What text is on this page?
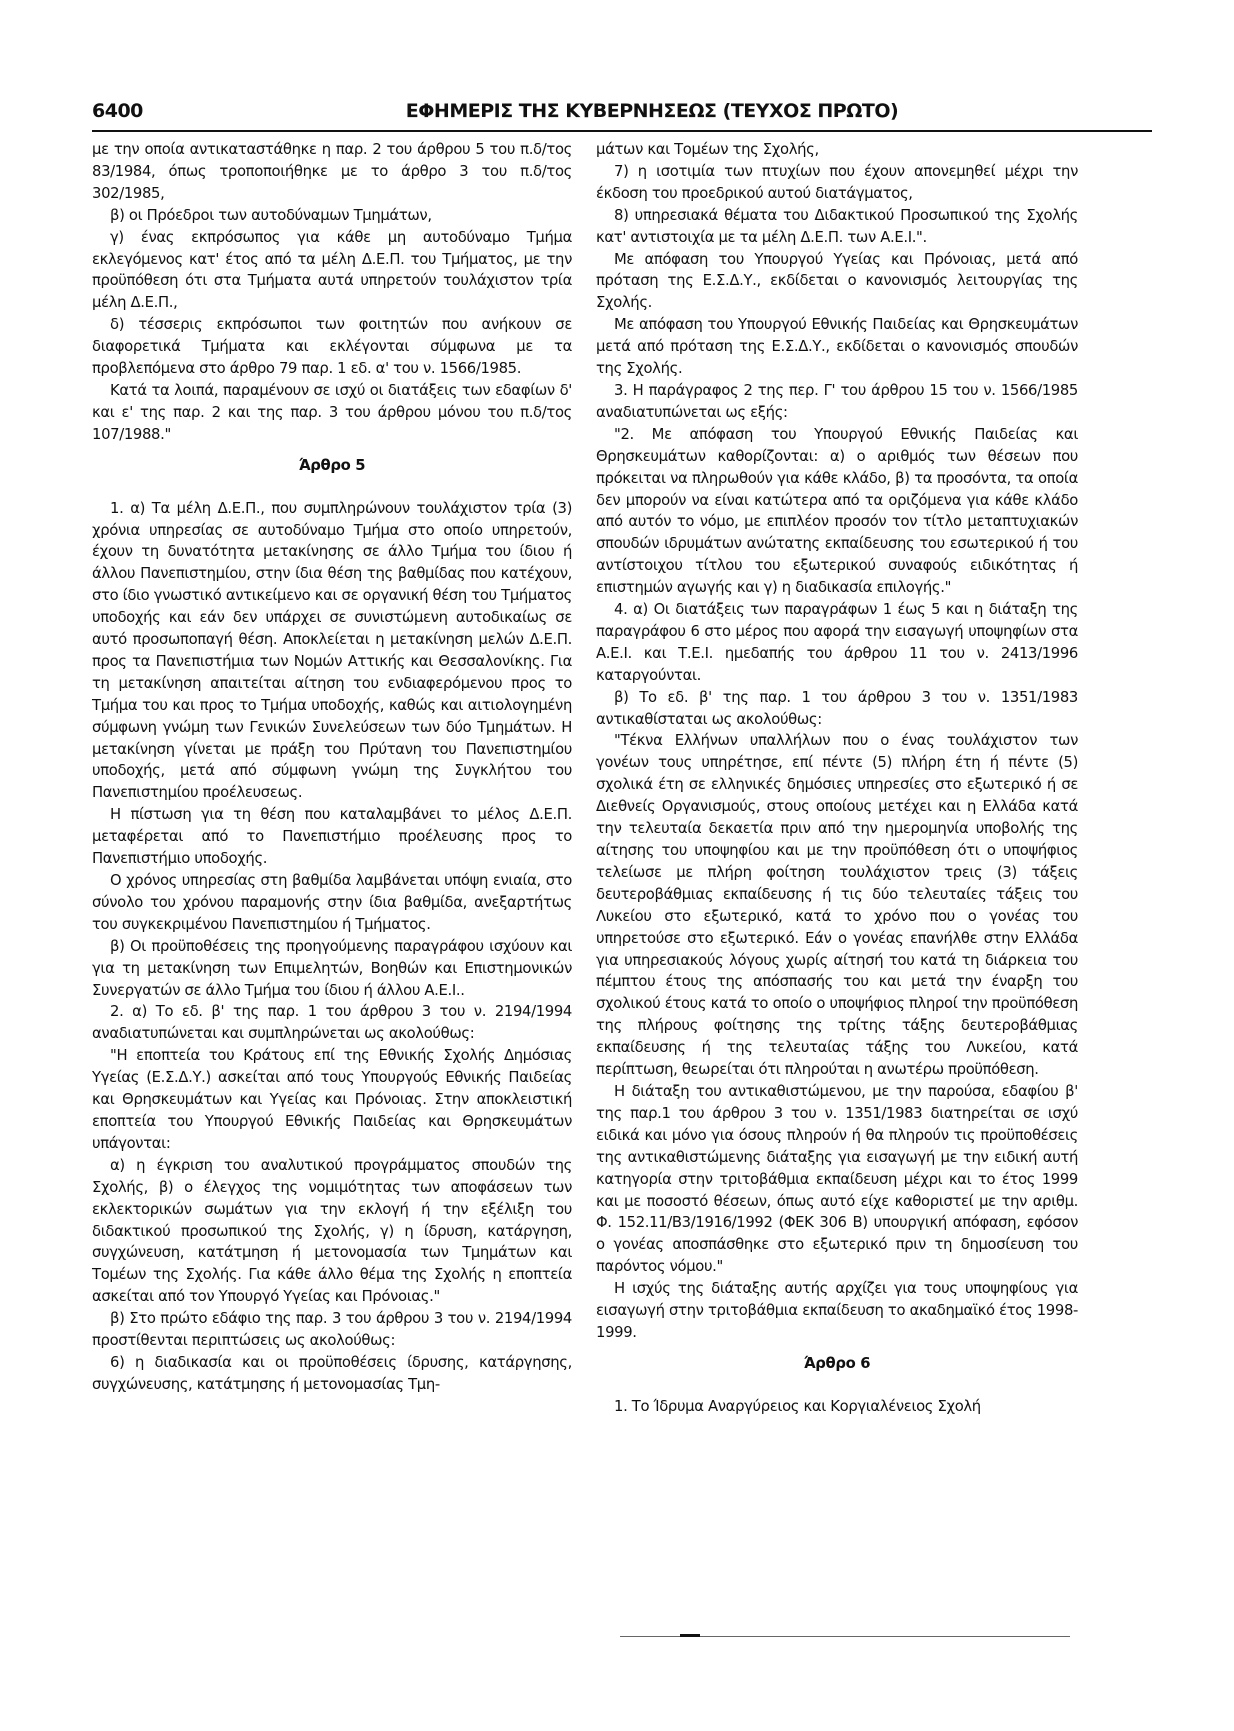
6400	ΕΦΗΜΕΡΙΣ ΤΗΣ ΚΥΒΕΡΝΗΣΕΩΣ (ΤΕΥΧΟΣ ΠΡΩΤΟ)

με την οποία αντικαταστάθηκε η παρ. 2 του άρθρου 5 του π.δ/τος 83/1984, όπως τροποποιήθηκε με το άρθρο 3 του π.δ/τος 302/1985,

β) οι Πρόεδροι των αυτοδύναμων Τμημάτων,

γ) ένας εκπρόσωπος για κάθε μη αυτοδύναμο Τμήμα εκλεγόμενος κατ' έτος από τα μέλη Δ.Ε.Π. του Τμήματος, με την προϋπόθεση ότι στα Τμήματα αυτά υπηρετούν τουλάχιστον τρία μέλη Δ.Ε.Π.,

δ) τέσσερις εκπρόσωποι των φοιτητών που ανήκουν σε διαφορετικά Τμήματα και εκλέγονται σύμφωνα με τα προβλεπόμενα στο άρθρο 79 παρ. 1 εδ. α' του ν. 1566/1985.

Κατά τα λοιπά, παραμένουν σε ισχύ οι διατάξεις των εδαφίων δ' και ε' της παρ. 2 και της παρ. 3 του άρθρου μόνου του π.δ/τος 107/1988."

Άρθρο 5

1. α) Τα μέλη Δ.Ε.Π., που συμπληρώνουν τουλάχιστον τρία (3) χρόνια υπηρεσίας σε αυτοδύναμο Τμήμα στο οποίο υπηρετούν, έχουν τη δυνατότητα μετακίνησης σε άλλο Τμήμα του ίδιου ή άλλου Πανεπιστημίου, στην ίδια θέση της βαθμίδας που κατέχουν, στο ίδιο γνωστικό αντικείμενο και σε οργανική θέση του Τμήματος υποδοχής και εάν δεν υπάρχει σε συνιστώμενη αυτοδικαίως σε αυτό προσωποπαγή θέση. Αποκλείεται η μετακίνηση μελών Δ.Ε.Π. προς τα Πανεπιστήμια των Νομών Αττικής και Θεσσαλονίκης. Για τη μετακίνηση απαιτείται αίτηση του ενδιαφερόμενου προς το Τμήμα του και προς το Τμήμα υποδοχής, καθώς και αιτιολογημένη σύμφωνη γνώμη των Γενικών Συνελεύσεων των δύο Τμημάτων. Η μετακίνηση γίνεται με πράξη του Πρύτανη του Πανεπιστημίου υποδοχής, μετά από σύμφωνη γνώμη της Συγκλήτου του Πανεπιστημίου προέλευσεως.

Η πίστωση για τη θέση που καταλαμβάνει το μέλος Δ.Ε.Π. μεταφέρεται από το Πανεπιστήμιο προέλευσης προς το Πανεπιστήμιο υποδοχής.

Ο χρόνος υπηρεσίας στη βαθμίδα λαμβάνεται υπόψη ενιαία, στο σύνολο του χρόνου παραμονής στην ίδια βαθμίδα, ανεξαρτήτως του συγκεκριμένου Πανεπιστημίου ή Τμήματος.

β) Οι προϋποθέσεις της προηγούμενης παραγράφου ισχύουν και για τη μετακίνηση των Επιμελητών, Βοηθών και Επιστημονικών Συνεργατών σε άλλο Τμήμα του ίδιου ή άλλου Α.Ε.Ι..

2. α) Το εδ. β' της παρ. 1 του άρθρου 3 του ν. 2194/1994 αναδιατυπώνεται και συμπληρώνεται ως ακολούθως:

"Η εποπτεία του Κράτους επί της Εθνικής Σχολής Δημόσιας Υγείας (Ε.Σ.Δ.Υ.) ασκείται από τους Υπουργούς Εθνικής Παιδείας και Θρησκευμάτων και Υγείας και Πρόνοιας. Στην αποκλειστική εποπτεία του Υπουργού Εθνικής Παιδείας και Θρησκευμάτων υπάγονται:

α) η έγκριση του αναλυτικού προγράμματος σπουδών της Σχολής, β) ο έλεγχος της νομιμότητας των αποφάσεων των εκλεκτορικών σωμάτων για την εκλογή ή την εξέλιξη του διδακτικού προσωπικού της Σχολής, γ) η ίδρυση, κατάργηση, συγχώνευση, κατάτμηση ή μετονομασία των Τμημάτων και Τομέων της Σχολής. Για κάθε άλλο θέμα της Σχολής η εποπτεία ασκείται από τον Υπουργό Υγείας και Πρόνοιας."

β) Στο πρώτο εδάφιο της παρ. 3 του άρθρου 3 του ν. 2194/1994 προστίθενται περιπτώσεις ως ακολούθως:

6) η διαδικασία και οι προϋποθέσεις ίδρυσης, κατάργησης, συγχώνευσης, κατάτμησης ή μετονομασίας Τμη-

μάτων και Τομέων της Σχολής,

7) η ισοτιμία των πτυχίων που έχουν απονεμηθεί μέχρι την έκδοση του προεδρικού αυτού διατάγματος,

8) υπηρεσιακά θέματα του Διδακτικού Προσωπικού της Σχολής κατ' αντιστοιχία με τα μέλη Δ.Ε.Π. των Α.Ε.Ι.".

Με απόφαση του Υπουργού Υγείας και Πρόνοιας, μετά από πρόταση της Ε.Σ.Δ.Υ., εκδίδεται ο κανονισμός λειτουργίας της Σχολής.

Με απόφαση του Υπουργού Εθνικής Παιδείας και Θρησκευμάτων μετά από πρόταση της Ε.Σ.Δ.Υ., εκδίδεται ο κανονισμός σπουδών της Σχολής.

3. Η παράγραφος 2 της περ. Γ' του άρθρου 15 του ν. 1566/1985 αναδιατυπώνεται ως εξής:

"2. Με απόφαση του Υπουργού Εθνικής Παιδείας και Θρησκευμάτων καθορίζονται: α) ο αριθμός των θέσεων που πρόκειται να πληρωθούν για κάθε κλάδο, β) τα προσόντα, τα οποία δεν μπορούν να είναι κατώτερα από τα οριζόμενα για κάθε κλάδο από αυτόν το νόμο, με επιπλέον προσόν τον τίτλο μεταπτυχιακών σπουδών ιδρυμάτων ανώτατης εκπαίδευσης του εσωτερικού ή του αντίστοιχου τίτλου του εξωτερικού συναφούς ειδικότητας ή επιστημών αγωγής και γ) η διαδικασία επιλογής."

4. α) Οι διατάξεις των παραγράφων 1 έως 5 και η διάταξη της παραγράφου 6 στο μέρος που αφορά την εισαγωγή υποψηφίων στα Α.Ε.Ι. και Τ.Ε.Ι. ημεδαπής του άρθρου 11 του ν. 2413/1996 καταργούνται.

β) Το εδ. β' της παρ. 1 του άρθρου 3 του ν. 1351/1983 αντικαθίσταται ως ακολούθως:

"Τέκνα Ελλήνων υπαλλήλων που ο ένας τουλάχιστον των γονέων τους υπηρέτησε, επί πέντε (5) πλήρη έτη ή πέντε (5) σχολικά έτη σε ελληνικές δημόσιες υπηρεσίες στο εξωτερικό ή σε Διεθνείς Οργανισμούς, στους οποίους μετέχει και η Ελλάδα κατά την τελευταία δεκαετία πριν από την ημερομηνία υποβολής της αίτησης του υποψηφίου και με την προϋπόθεση ότι ο υποψήφιος τελείωσε με πλήρη φοίτηση τουλάχιστον τρεις (3) τάξεις δευτεροβάθμιας εκπαίδευσης ή τις δύο τελευταίες τάξεις του Λυκείου στο εξωτερικό, κατά το χρόνο που ο γονέας του υπηρετούσε στο εξωτερικό. Εάν ο γονέας επανήλθε στην Ελλάδα για υπηρεσιακούς λόγους χωρίς αίτησή του κατά τη διάρκεια του πέμπτου έτους της απόσπασής του και μετά την έναρξη του σχολικού έτους κατά το οποίο ο υποψήφιος πληροί την προϋπόθεση της πλήρους φοίτησης της τρίτης τάξης δευτεροβάθμιας εκπαίδευσης ή της τελευταίας τάξης του Λυκείου, κατά περίπτωση, θεωρείται ότι πληρούται η ανωτέρω προϋπόθεση.

Η διάταξη του αντικαθιστώμενου, με την παρούσα, εδαφίου β' της παρ.1 του άρθρου 3 του ν. 1351/1983 διατηρείται σε ισχύ ειδικά και μόνο για όσους πληρούν ή θα πληρούν τις προϋποθέσεις της αντικαθιστώμενης διάταξης για εισαγωγή με την ειδική αυτή κατηγορία στην τριτοβάθμια εκπαίδευση μέχρι και το έτος 1999 και με ποσοστό θέσεων, όπως αυτό είχε καθοριστεί με την αριθμ. Φ. 152.11/Β3/1916/1992 (ΦΕΚ 306 Β) υπουργική απόφαση, εφόσον ο γονέας αποσπάσθηκε στο εξωτερικό πριν τη δημοσίευση του παρόντος νόμου."

Η ισχύς της διάταξης αυτής αρχίζει για τους υποψηφίους για εισαγωγή στην τριτοβάθμια εκπαίδευση το ακαδημαϊκό έτος 1998-1999.

Άρθρο 6

1. Το Ίδρυμα Αναργύρειος και Κοργιαλένειος Σχολή
